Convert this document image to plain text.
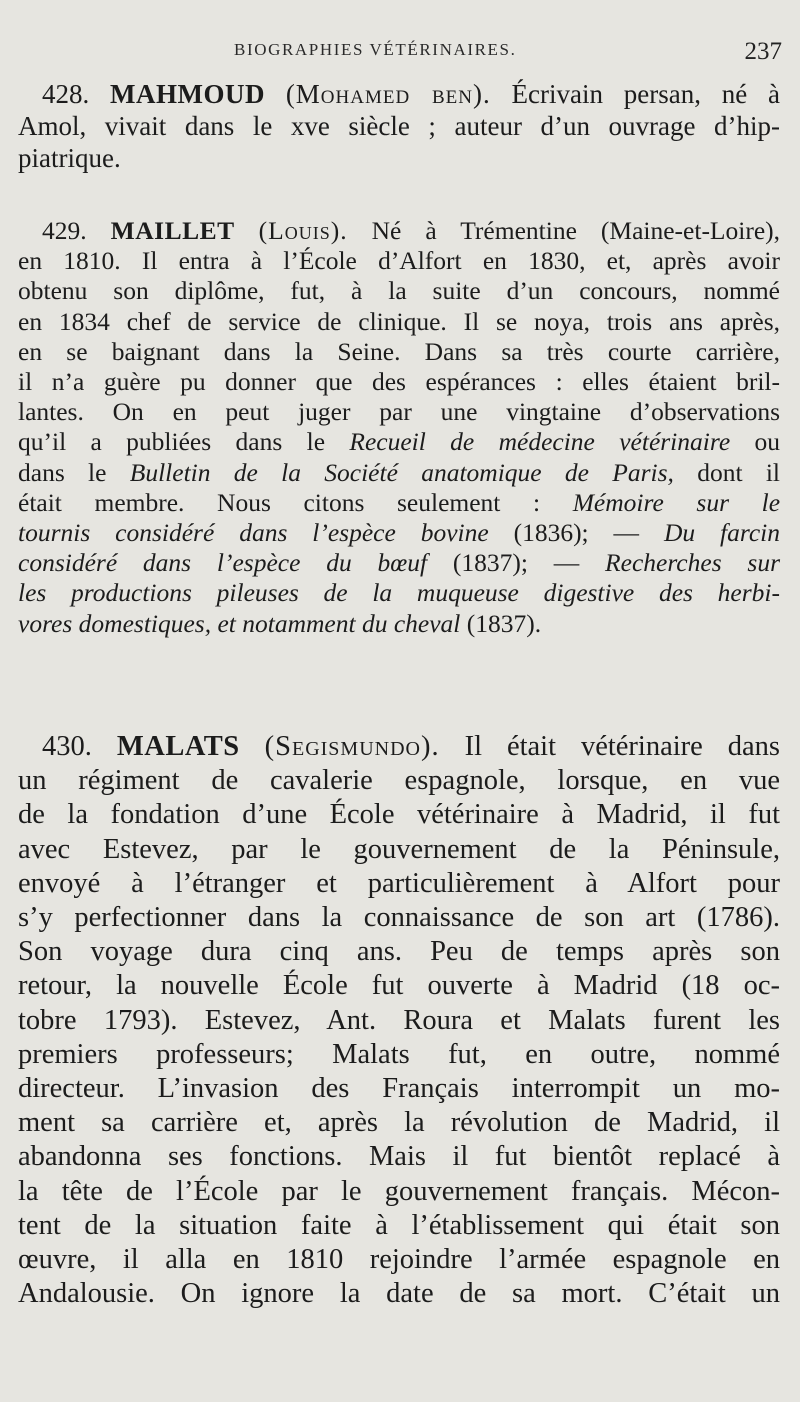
BIOGRAPHIES VÉTÉRINAIRES.	237
428. MAHMOUD (Mohamed ben). Écrivain persan, né à
Amol, vivait dans le xve siècle ; auteur d’un ouvrage d’hip-
piatrique.
429. MAILLET (Louis). Né à Trémentine (Maine-et-Loire),
en 1810. Il entra à l’École d’Alfort en 1830, et, après avoir
obtenu son diplôme, fut, à la suite d’un concours, nommé
en 1834 chef de service de clinique. Il se noya, trois ans après,
en se baignant dans la Seine. Dans sa très courte carrière,
il n’a guère pu donner que des espérances : elles étaient bril-
lantes. On en peut juger par une vingtaine d’observations
qu’il a publiées dans le Recueil de médecine vétérinaire ou
dans le Bulletin de la Société anatomique de Paris, dont il
était membre. Nous citons seulement : Mémoire sur le
tournis considéré dans l’espèce bovine (1836); — Du farcin
considéré dans l’espèce du bœuf (1837); — Recherches sur
les productions pileuses de la muqueuse digestive des herbi-
vores domestiques, et notamment du cheval (1837).
430. MALATS (Segismundo). Il était vétérinaire dans
un régiment de cavalerie espagnole, lorsque, en vue
de la fondation d’une École vétérinaire à Madrid, il fut
avec Estevez, par le gouvernement de la Péninsule,
envoyé à l’étranger et particulièrement à Alfort pour
s’y perfectionner dans la connaissance de son art (1786).
Son voyage dura cinq ans. Peu de temps après son
retour, la nouvelle École fut ouverte à Madrid (18 oc-
tobre 1793). Estevez, Ant. Roura et Malats furent les
premiers professeurs; Malats fut, en outre, nommé
directeur. L’invasion des Français interrompit un mo-
ment sa carrière et, après la révolution de Madrid, il
abandonna ses fonctions. Mais il fut bientôt replacé à
la tête de l’École par le gouvernement français. Mécon-
tent de la situation faite à l’établissement qui était son
œuvre, il alla en 1810 rejoindre l’armée espagnole en
Andalousie. On ignore la date de sa mort. C’était un
